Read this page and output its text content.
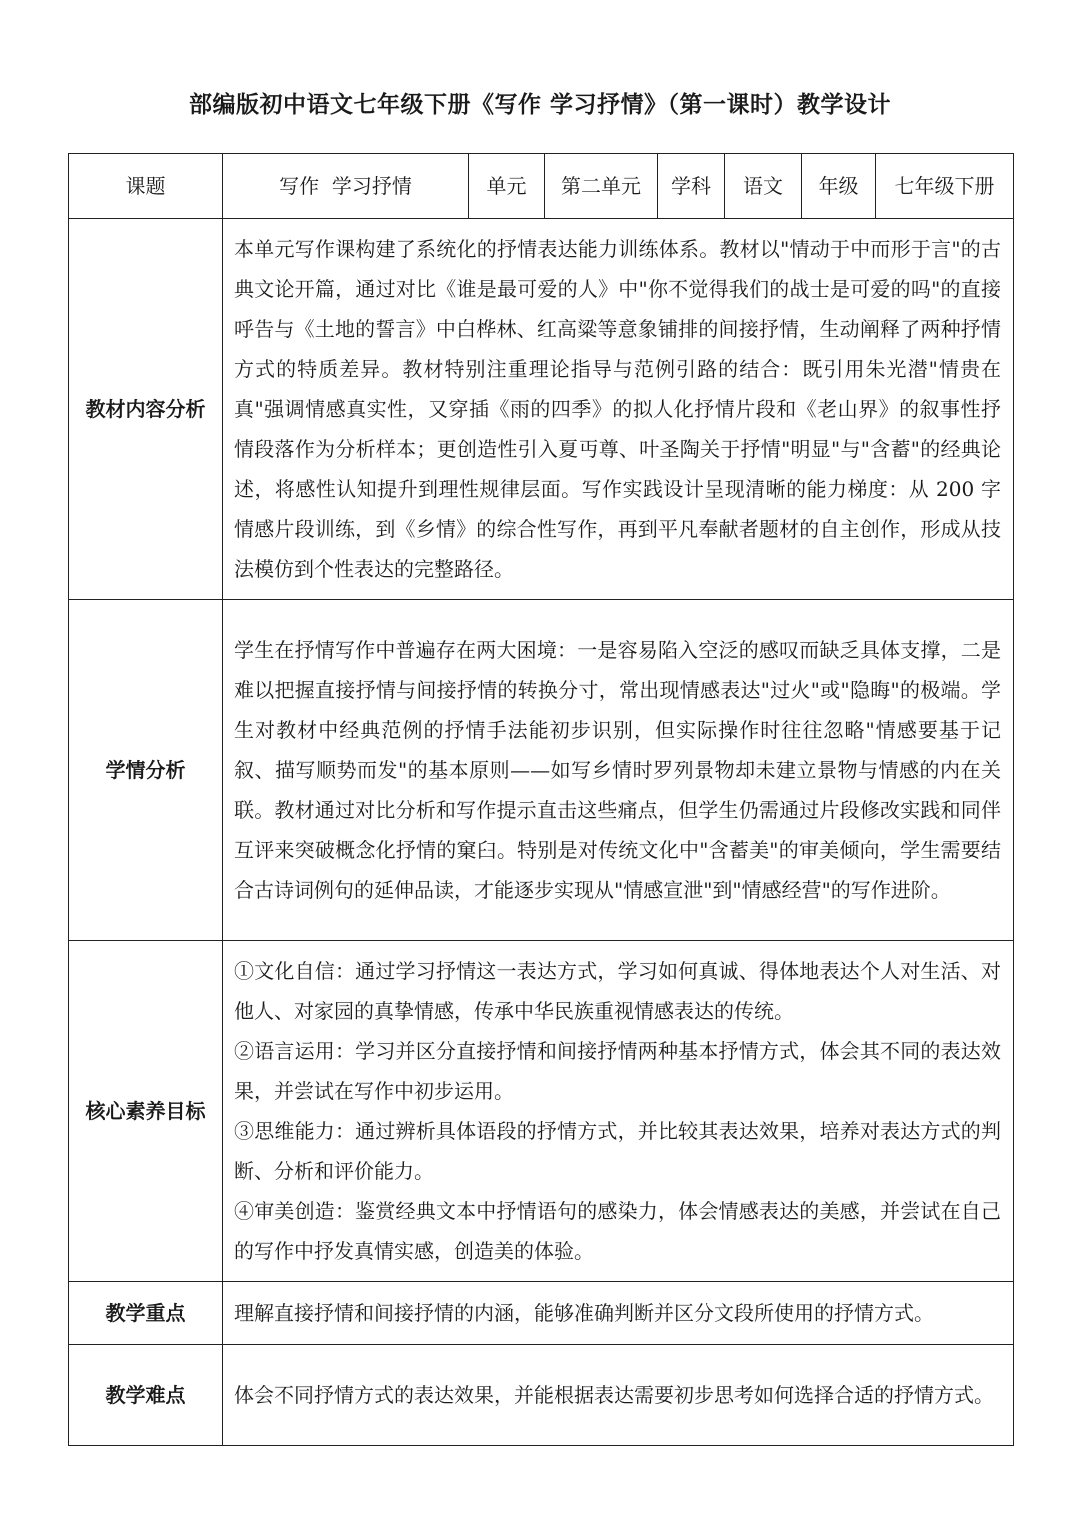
部编版初中语文七年级下册《写作 学习抒情》（第一课时）教学设计
课题	写作  学习抒情	单元	第二单元	学科	语文	年级	七年级下册
教材内容分析	本单元写作课构建了系统化的抒情表达能力训练体系。教材以"情动于中而形于言"的古典文论开篇，通过对比《谁是最可爱的人》中"你不觉得我们的战士是可爱的吗"的直接呼告与《土地的誓言》中白桦林、红高粱等意象铺排的间接抒情，生动阐释了两种抒情方式的特质差异。教材特别注重理论指导与范例引路的结合：既引用朱光潜"情贵在真"强调情感真实性，又穿插《雨的四季》的拟人化抒情片段和《老山界》的叙事性抒情段落作为分析样本；更创造性引入夏丏尊、叶圣陶关于抒情"明显"与"含蓄"的经典论述，将感性认知提升到理性规律层面。写作实践设计呈现清晰的能力梯度：从 200 字情感片段训练，到《乡情》的综合性写作，再到平凡奉献者题材的自主创作，形成从技法模仿到个性表达的完整路径。						
学情分析	学生在抒情写作中普遍存在两大困境：一是容易陷入空泛的感叹而缺乏具体支撑，二是难以把握直接抒情与间接抒情的转换分寸，常出现情感表达"过火"或"隐晦"的极端。学生对教材中经典范例的抒情手法能初步识别，但实际操作时往往忽略"情感要基于记叙、描写顺势而发"的基本原则——如写乡情时罗列景物却未建立景物与情感的内在关联。教材通过对比分析和写作提示直击这些痛点，但学生仍需通过片段修改实践和同伴互评来突破概念化抒情的窠臼。特别是对传统文化中"含蓄美"的审美倾向，学生需要结合古诗词例句的延伸品读，才能逐步实现从"情感宣泄"到"情感经营"的写作进阶。						
核心素养目标	①文化自信：通过学习抒情这一表达方式，学习如何真诚、得体地表达个人对生活、对他人、对家园的真挚情感，传承中华民族重视情感表达的传统。

②语言运用：学习并区分直接抒情和间接抒情两种基本抒情方式，体会其不同的表达效果，并尝试在写作中初步运用。

③思维能力：通过辨析具体语段的抒情方式，并比较其表达效果，培养对表达方式的判断、分析和评价能力。

④审美创造：鉴赏经典文本中抒情语句的感染力，体会情感表达的美感，并尝试在自己的写作中抒发真情实感，创造美的体验。						

教学重点	理解直接抒情和间接抒情的内涵，能够准确判断并区分文段所使用的抒情方式。						
教学难点	体会不同抒情方式的表达效果，并能根据表达需要初步思考如何选择合适的抒情方式。						
